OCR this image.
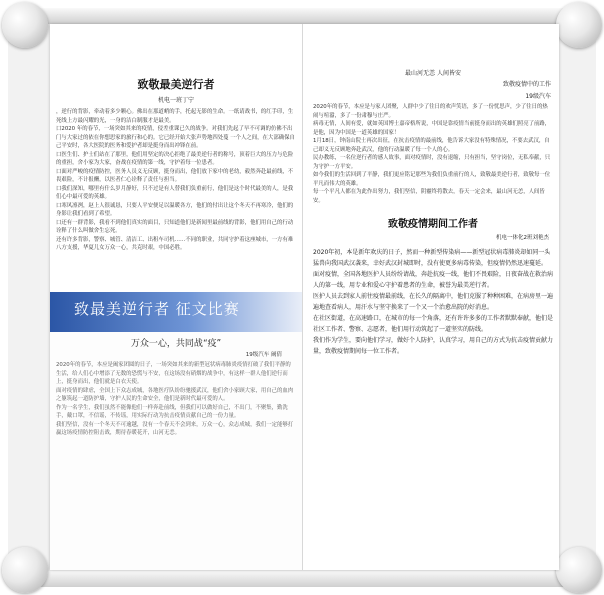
致敬最美逆行者
机电一班丁宁

，逆行的背影，牵动着多少颗心。佛出在那道峭的手，托起无影的生命。一纸请战书，的红手印，生死线上方最闪耀的光，一身的洁白制服才是最美。

口2020 年的春节，一场突如其来的疫情，侵差重课已久的战争。对我们先起了早不可调的仿佛不出门与大家过的依在你想思家的旅行和心的。它已经开始大张声势地四处蔓 一个人之间，在大部确保自己平安时，各大医院的医务和爱护者却是挺身而出冲锋在前。

口医生们、护士们站在了那里，他们用坚定的决心拒绝了最美逆行者的称号，顶着巨大的压力与危险的重担，舍小家为大家，奋战在疫情的第一线，守护着每一位患者。

口面对严峻的疫情防控，医务人员义无反顾，挺身而出，他们放下家中的老幼，毅然奔赴最前线，不畏艰险，不计报酬，以医者仁心诠释了责任与担当。

口我们深知，哪里有什么岁月静好，只不过是有人替我们负重前行，他们是这个时代最美的人，是我们心中最可爱的英雄。

口寒风凛冽，赵上人很诚恳，只要人平安便足以温暖各方，他们的付出让这个冬天不再寒冷，他们的身影让我们看到了希望。

口还有一群背影，我看不到他们真实的面目，只知道他们是新闻里最前线的背影，他们用自己的行动诠释了什么叫做舍生忘死。

还有许多背影，警察、城管、清洁工、出租车司机……不同的职业，共同守护着这座城市，一方有难八方支援，华夏儿女万众一心，共克时艰，中国必胜。

致最美逆行者 征文比赛
万众一心，共同战“疫”
19级汽车 阚倩

2020年的春节，本应是阖家团圆的日子，一场突如其来的新型冠状病毒肺炎疫情打破了我们平静的生活，给人们心中增添了无数的恐慌与不安，在这场没有硝烟的战争中，有这样一群人他们逆行而上，挺身而出，他们就是白衣天使。

面对疫情的肆虐，全国上下众志成城，各地医疗队纷纷驰援武汉，他们舍小家顾大家，用自己的血肉之躯筑起一道防护墙，守护人民的生命安全，他们是新时代最可爱的人。

作为一名学生，我们虽然不能像他们一样奔赴前线，但我们可以做好自己，不出门，不聚集，勤洗手，戴口罩，不信谣，不传谣，用实际行动为抗击疫情贡献自己的一份力量。

我们坚信，没有一个冬天不可逾越，没有一个春天不会到来，万众一心，众志成城，我们一定能够打赢这场疫情防控阻击战，期待春暖花开，山河无恙。

最山河无恙 人间皆安
致敬疫情中的工作
19级汽车

2020年的春节，本应是与家人团聚，人群中少了往日的欢声笑语，多了一份忧思声，少了往日的热闹与喧嚣，多了一份肃穆与庄严。

病毒无情，人间有爱，就如英国博士嘉帝格所说，中国是靠疫情当前挺身而出的英雄们照亮了前路，是他，因为中国是一道英雄的国家！

1月18日，钟南山院士再次出征，在抗击疫情的最前线，他告诉大家没有特殊情况，不要去武汉，自己却义无反顾地奔赴武汉，他的行动温暖了每一个人的心。

民办教练，一名位逆行者的感人故事，面对疫情时，没有退缩，只有担当，坚守岗位，无私奉献，只为守护一方平安。

如今我们的生活回到了平静，我们更应铭记那些为我们负重前行的人，致敬最美逆行者，致敬每一位平凡而伟大的英雄。

每一个平凡人都在为此作出努力，我们坚信，阴霾终将散去，春天一定会来，最山河无恙，人间皆安。

致敬疫情期间工作者
机电一体化2班刘艳杰

2020年初，本是新年欢庆的日子，然而一种新型传染病——新型冠状病毒肺炎却如同一头猛兽向我国武汉袭来，幸好武汉封城即时，没有使更多病毒传染，但疫情仍然迅速蔓延。

面对疫情，全国各地医护人员纷纷请战，奔赴抗疫一线，他们不畏艰险，日夜奋战在救治病人的第一线，用专业和爱心守护着患者的生命，被誉为最美逆行者。

医护人员去到家人前往疫情最前线，在长久的隔离中，他们克服了种种困难，在病房里一遍遍地查看病人，用汗水与坚守换来了一个又一个治愈出院的好消息。

在社区街道，在高速路口，在城市的每一个角落，还有许许多多的工作者默默奉献，他们是社区工作者、警察、志愿者，他们用行动筑起了一道坚实的防线。

我们作为学生，要向他们学习，做好个人防护，认真学习，用自己的方式为抗击疫情贡献力量，致敬疫情期间每一位工作者。
